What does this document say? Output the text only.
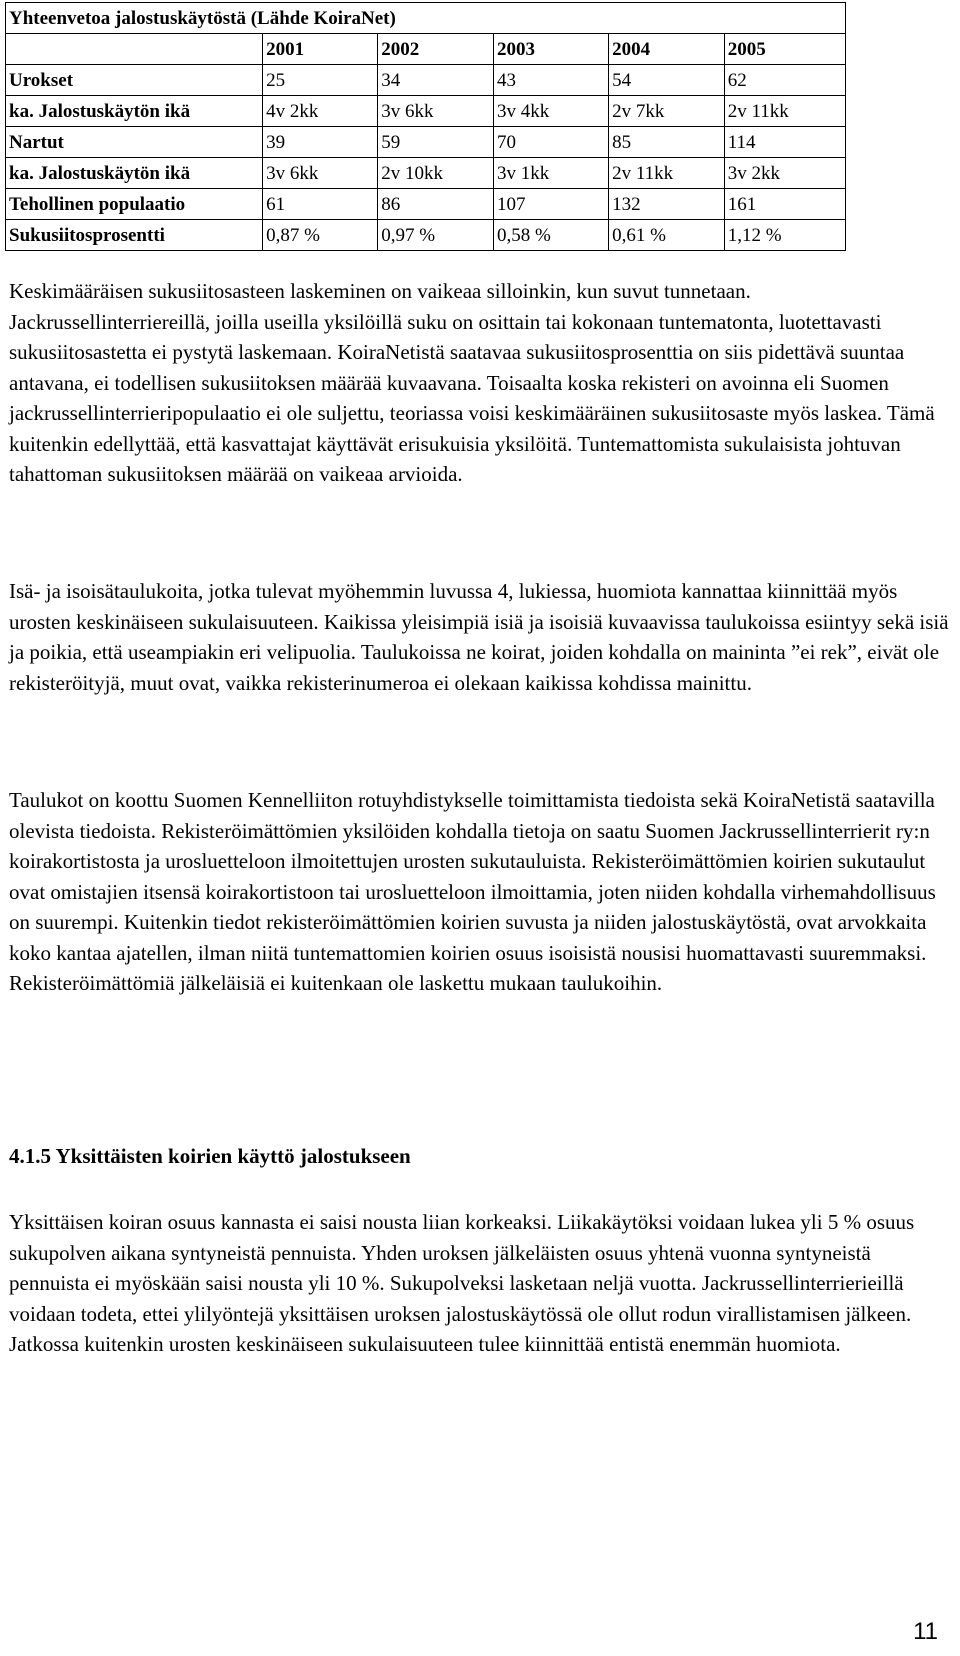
Yhteenvetoa jalostuskäytöstä (Lähde KoiraNet)					
	2001	2002	2003	2004	2005
Urokset	25	34	43	54	62
ka. Jalostuskäytön ikä	4v 2kk	3v 6kk	3v 4kk	2v 7kk	2v 11kk
Nartut	39	59	70	85	114
ka. Jalostuskäytön ikä	3v 6kk	2v 10kk	3v 1kk	2v 11kk	3v 2kk
Tehollinen populaatio	61	86	107	132	161
Sukusiitosprosentti	0,87 %	0,97 %	0,58 %	0,61 %	1,12 %

Keskimääräisen sukusiitosasteen laskeminen on vaikeaa silloinkin, kun suvut tunnetaan. Jackrussellinterriereillä, joilla useilla yksilöillä suku on osittain tai kokonaan tuntematonta, luotettavasti sukusiitosastetta ei pystytä laskemaan. KoiraNetistä saatavaa sukusiitosprosenttia on siis pidettävä suuntaa antavana, ei todellisen sukusiitoksen määrää kuvaavana. Toisaalta koska rekisteri on avoinna eli Suomen jackrussellinterrieripopulaatio ei ole suljettu, teoriassa voisi keskimääräinen sukusiitosaste myös laskea. Tämä kuitenkin edellyttää, että kasvattajat käyttävät erisukuisia yksilöitä. Tuntemattomista sukulaisista johtuvan tahattoman sukusiitoksen määrää on vaikeaa arvioida.

Isä- ja isoisätaulukoita, jotka tulevat myöhemmin luvussa 4, lukiessa, huomiota kannattaa kiinnittää myös urosten keskinäiseen sukulaisuuteen. Kaikissa yleisimpiä isiä ja isoisiä kuvaavissa taulukoissa esiintyy sekä isiä ja poikia, että useampiakin eri velipuolia. Taulukoissa ne koirat, joiden kohdalla on maininta ”ei rek”, eivät ole rekisteröityjä, muut ovat, vaikka rekisterinumeroa ei olekaan kaikissa kohdissa mainittu.

Taulukot on koottu Suomen Kennelliiton rotuyhdistykselle toimittamista tiedoista sekä KoiraNetistä saatavilla olevista tiedoista. Rekisteröimättömien yksilöiden kohdalla tietoja on saatu Suomen Jackrussellinterrierit ry:n koirakortistosta ja urosluetteloon ilmoitettujen urosten sukutauluista. Rekisteröimättömien koirien sukutaulut ovat omistajien itsensä koirakortistoon tai urosluetteloon ilmoittamia, joten niiden kohdalla virhemahdollisuus on suurempi. Kuitenkin tiedot rekisteröimättömien koirien suvusta ja niiden jalostuskäytöstä, ovat arvokkaita koko kantaa ajatellen, ilman niitä tuntemattomien koirien osuus isoisistä nousisi huomattavasti suuremmaksi. Rekisteröimättömiä jälkeläisiä ei kuitenkaan ole laskettu mukaan taulukoihin.

4.1.5 Yksittäisten koirien käyttö jalostukseen

Yksittäisen koiran osuus kannasta ei saisi nousta liian korkeaksi. Liikakäytöksi voidaan lukea yli 5 % osuus sukupolven aikana syntyneistä pennuista. Yhden uroksen jälkeläisten osuus yhtenä vuonna syntyneistä pennuista ei myöskään saisi nousta yli 10 %. Sukupolveksi lasketaan neljä vuotta. Jackrussellinterrierieillä voidaan todeta, ettei ylilyöntejä yksittäisen uroksen jalostuskäytössä ole ollut rodun virallistamisen jälkeen. Jatkossa kuitenkin urosten keskinäiseen sukulaisuuteen tulee kiinnittää entistä enemmän huomiota.

11
